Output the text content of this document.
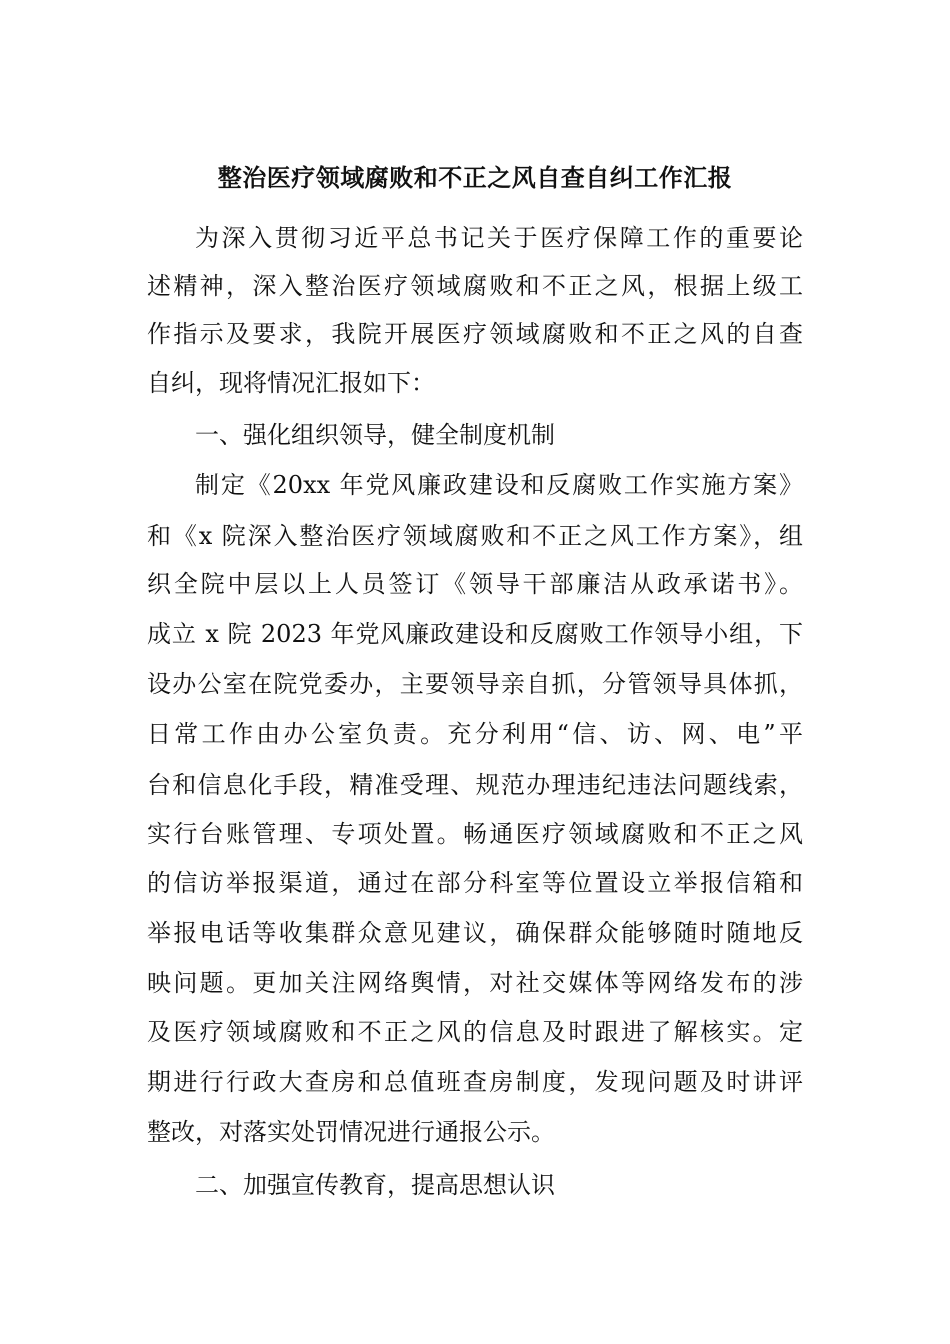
整治医疗领域腐败和不正之风自查自纠工作汇报
为深入贯彻习近平总书记关于医疗保障工作的重要论
述精神，深入整治医疗领域腐败和不正之风，根据上级工
作指示及要求，我院开展医疗领域腐败和不正之风的自查
自纠，现将情况汇报如下：
一、强化组织领导，健全制度机制
制定《20xx 年党风廉政建设和反腐败工作实施方案》
和《x 院深入整治医疗领域腐败和不正之风工作方案》，组
织全院中层以上人员签订《领导干部廉洁从政承诺书》。
成立 x 院 2023 年党风廉政建设和反腐败工作领导小组，下
设办公室在院党委办，主要领导亲自抓，分管领导具体抓，
日常工作由办公室负责。充分利用“信、访、网、电”平
台和信息化手段，精准受理、规范办理违纪违法问题线索，
实行台账管理、专项处置。畅通医疗领域腐败和不正之风
的信访举报渠道，通过在部分科室等位置设立举报信箱和
举报电话等收集群众意见建议，确保群众能够随时随地反
映问题。更加关注网络舆情，对社交媒体等网络发布的涉
及医疗领域腐败和不正之风的信息及时跟进了解核实。定
期进行行政大查房和总值班查房制度，发现问题及时讲评
整改，对落实处罚情况进行通报公示。
二、加强宣传教育，提高思想认识
